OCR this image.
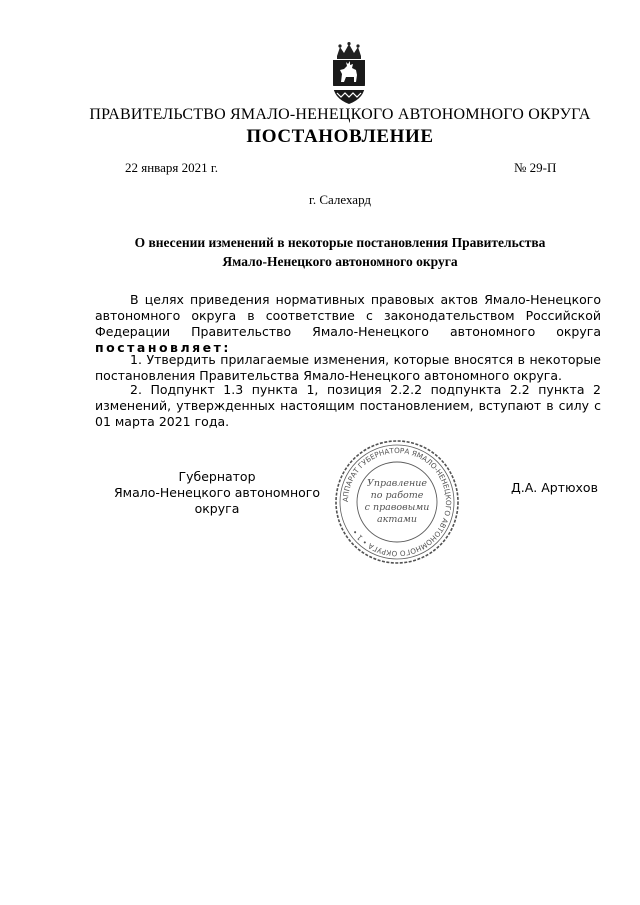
ПРАВИТЕЛЬСТВО ЯМАЛО-НЕНЕЦКОГО АВТОНОМНОГО ОКРУГА
ПОСТАНОВЛЕНИЕ
22 января 2021 г.	№ 29-П
г. Салехард
О внесении изменений в некоторые постановления Правительства
Ямало-Ненецкого автономного округа
В целях приведения нормативных правовых актов Ямало-Ненецкого автономного округа в соответствие с законодательством Российской Федерации Правительство Ямало-Ненецкого автономного округа постановляет:
1. Утвердить прилагаемые изменения, которые вносятся в некоторые постановления Правительства Ямало-Ненецкого автономного округа.
2. Подпункт 1.3 пункта 1, позиция 2.2.2 подпункта 2.2 пункта 2 изменений, утвержденных настоящим постановлением, вступают в силу с 01 марта 2021 года.
Губернатор
Ямало-Ненецкого автономного округа
Д.А. Артюхов
АППАРАТ ГУБЕРНАТОРА ЯМАЛО-НЕНЕЦКОГО АВТОНОМНОГО ОКРУГА • 1 •
Управление
по работе
с правовыми
актами
